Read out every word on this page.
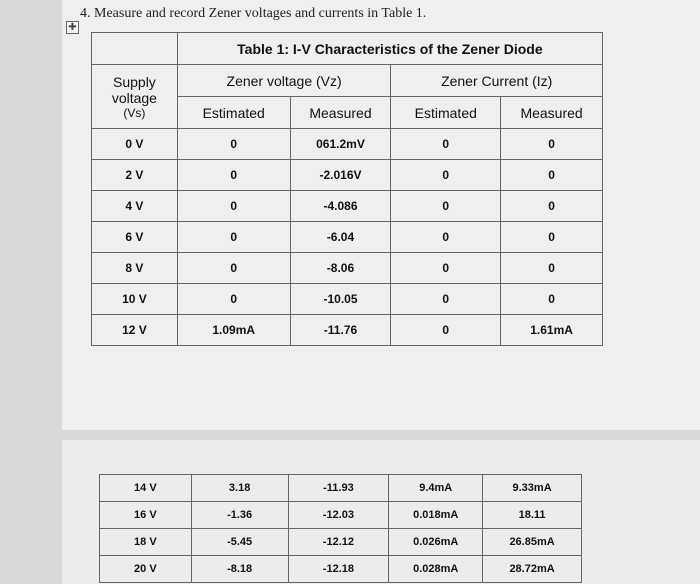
✚
4. Measure and record Zener voltages and currents in Table 1.
	Table 1: I-V Characteristics of the Zener Diode			

Supply voltage
(Vs)	Zener voltage (Vz)		Zener Current (Iz)	
	Estimated	Measured	Estimated	Measured
0 V	0	061.2mV	0	0
2 V	0	-2.016V	0	0
4 V	0	-4.086	0	0
6 V	0	-6.04	0	0
8 V	0	-8.06	0	0
10 V	0	-10.05	0	0
12 V	1.09mA	-11.76	0	1.61mA
14 V	3.18	-11.93	9.4mA	9.33mA
16 V	-1.36	-12.03	0.018mA	18.11
18 V	-5.45	-12.12	0.026mA	26.85mA
20 V	-8.18	-12.18	0.028mA	28.72mA
